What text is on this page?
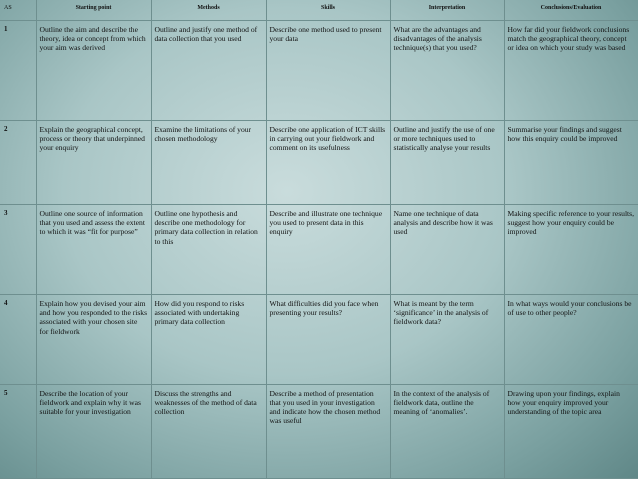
AS	Starting point	Methods	Skills	Interpretation	Conclusions/Evaluation
1	Outline the aim and describe the theory, idea or concept from which your aim was derived	Outline and justify one method of data collection that you used	Describe one method used to present your data	What are the advantages and disadvantages of the analysis technique(s) that you used?	How far did your fieldwork conclusions match the geographical theory, concept or idea on which your study was based
2	Explain the geographical concept, process or theory that underpinned your enquiry	Examine the limitations of your chosen methodology	Describe one application of ICT skills in carrying out your fieldwork and comment on its usefulness	Outline and justify the use of one or more techniques used to statistically analyse your results	Summarise your findings and suggest how this enquiry could be improved
3	Outline one source of information that you used and assess the extent to which it was “fit for purpose”	Outline one hypothesis and describe one methodology for primary data collection in relation to this	Describe and illustrate one technique you used to present data in this enquiry	Name one technique of data analysis and describe how it was used	Making specific reference to your results, suggest how your enquiry could be improved
4	Explain how you devised your aim and how you responded to the risks associated with your chosen site for fieldwork	How did you respond to risks associated with undertaking primary data collection	What difficulties did you face when presenting your results?	What is meant by the term ‘significance’ in the analysis of fieldwork data?	In what ways would your conclusions be of use to other people?
5	Describe the location of your fieldwork and explain why it was suitable for your investigation	Discuss the strengths and weaknesses of the method of data collection	Describe a method of presentation that you used in your investigation and indicate how the chosen method was useful	In the context of the analysis of fieldwork data, outline the meaning of ‘anomalies’.	Drawing upon your findings, explain how your enquiry improved your understanding of the topic area
